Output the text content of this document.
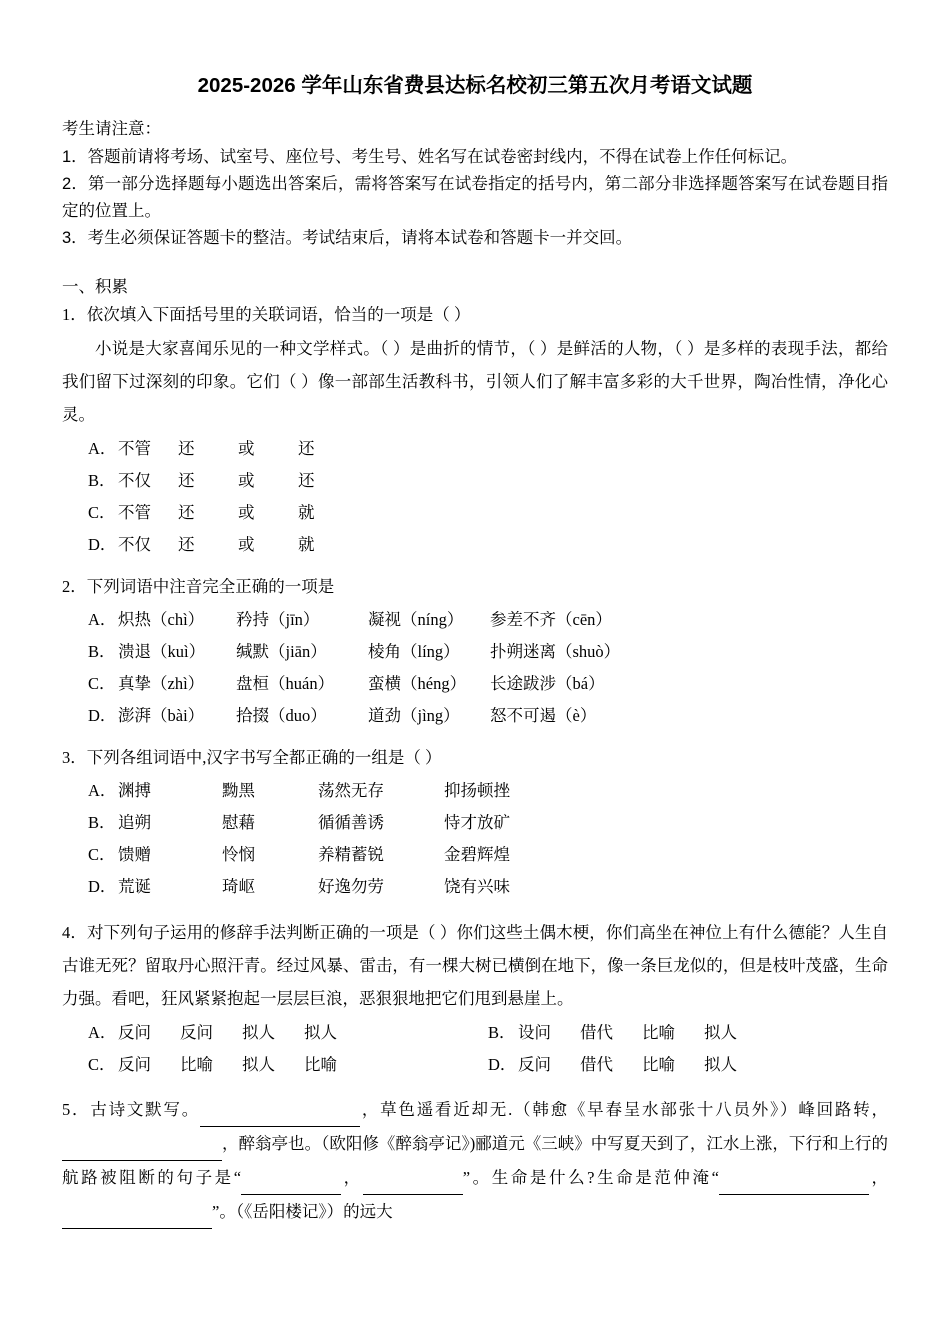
2025-2026 学年山东省费县达标名校初三第五次月考语文试题
考生请注意：
1．答题前请将考场、试室号、座位号、考生号、姓名写在试卷密封线内，不得在试卷上作任何标记。
2．第一部分选择题每小题选出答案后，需将答案写在试卷指定的括号内，第二部分非选择题答案写在试卷题目指定的位置上。
3．考生必须保证答题卡的整洁。考试结束后，请将本试卷和答题卡一并交回。
一、积累
1．依次填入下面括号里的关联词语，恰当的一项是（ ）
小说是大家喜闻乐见的一种文学样式。（ ）是曲折的情节，（ ）是鲜活的人物，（ ）是多样的表现手法，都给我们留下过深刻的印象。它们（ ）像一部部生活教科书，引领人们了解丰富多彩的大千世界，陶冶性情，净化心灵。
A． 不管	还	或	还
B． 不仅	还	或	还
C． 不管	还	或	就
D． 不仅	还	或	就
2．下列词语中注音完全正确的一项是
A． 炽热（chì）	矜持（jīn）	凝视（níng）	参差不齐（cēn）
B． 溃退（kuì）	缄默（jiān）	棱角（líng）	扑朔迷离（shuò）
C． 真挚（zhì）	盘桓（huán）	蛮横（héng）	长途跋涉（bá）
D． 澎湃（bài）	拾掇（duo）	道劲（jìng）	怒不可遏（è）
3．下列各组词语中,汉字书写全都正确的一组是（ ）
A． 渊搏	黝黑	荡然无存	抑扬顿挫
B． 追朔	慰藉	循循善诱	恃才放矿
C． 馈赠	怜悯	养精蓄锐	金碧辉煌
D． 荒诞	琦岖	好逸勿劳	饶有兴味
4．对下列句子运用的修辞手法判断正确的一项是（ ）你们这些土偶木梗，你们高坐在神位上有什么德能？人生自古谁无死？留取丹心照汗青。经过风暴、雷击，有一棵大树已横倒在地下，像一条巨龙似的，但是枝叶茂盛，生命力强。看吧，狂风紧紧抱起一层层巨浪，恶狠狠地把它们甩到悬崖上。
A． 反问	反问	拟人	拟人	B． 设问	借代	比喻	拟人
C． 反问	比喻	拟人	比喻	D． 反问	借代	比喻	拟人
5．古诗文默写。	，草色遥看近却无.（韩愈《早春呈水部张十八员外》）峰回路转， ，醉翁亭也。（欧阳修《醉翁亭记》)郦道元《三峡》中写夏天到了，江水上涨，下行和上行的航路被阻断的句子是“	，	”。生命是什么?生命是范仲淹“	， ”。（《岳阳楼记》）的远大
